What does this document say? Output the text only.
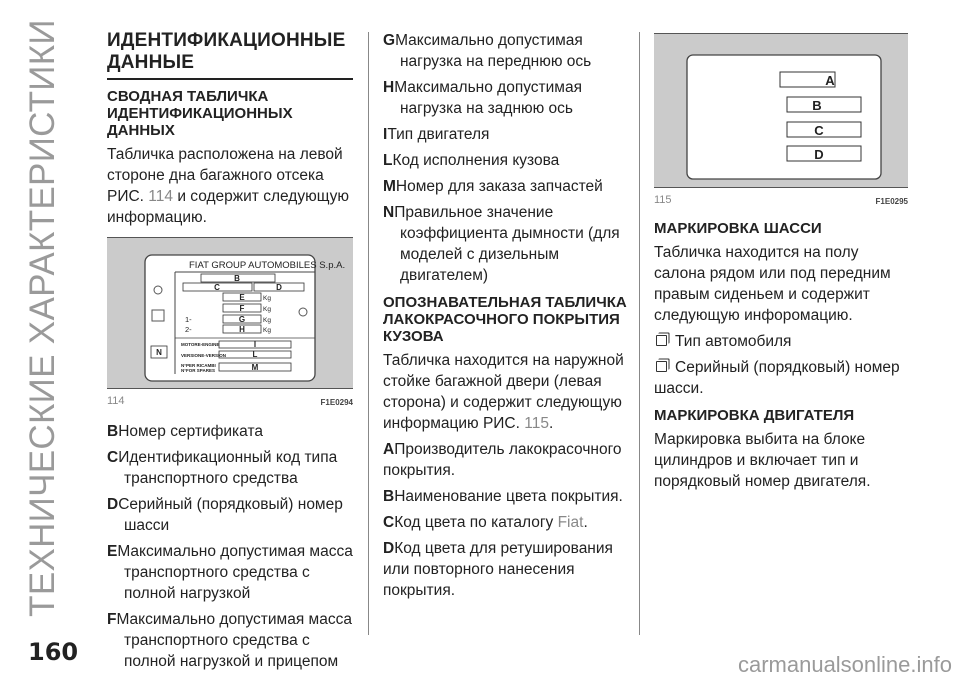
ТЕХНИЧЕСКИЕ ХАРАКТЕРИСТИКИ ИДЕНТИФИКАЦИОННЫЕ ДАННЫЕ
СВОДНАЯ ТАБЛИЧКА ИДЕНТИФИКАЦИОННЫХ ДАННЫХ

Табличка расположена на левой стороне дна багажного отсека РИС. 114 и содержит следующую информацию.

FIAT GROUP AUTOMOBILES S.p.A.
B
C	D
E	Kg
F	Kg
1-	G	Kg
2-	H	Kg
MOTORE-ENGINE	I
VERSIONE-VERSION	L
N
N°PER RICAMBI
N°FOR SPARES	M
114	F1E0294
BНомер сертификата
CИдентификационный код типа транспортного средства
DСерийный (порядковый) номер шасси
EМаксимально допустимая масса транспортного средства с полной нагрузкой
FМаксимально допустимая масса транспортного средства с полной нагрузкой и прицепом
GМаксимально допустимая нагрузка на переднюю ось
HМаксимально допустимая нагрузка на заднюю ось
IТип двигателя
LКод исполнения кузова
MНомер для заказа запчастей
NПравильное значение коэффициента дымности (для моделей с дизельным двигателем)
ОПОЗНАВАТЕЛЬНАЯ ТАБЛИЧКА ЛАКОКРАСОЧНОГО ПОКРЫТИЯ КУЗОВА

Табличка находится на наружной стойке багажной двери (левая сторона) и содержит следующую информацию РИС. 115.

AПроизводитель лакокрасочного покрытия.

BНаименование цвета покрытия.

CКод цвета по каталогу Fiat.

DКод цвета для ретуширования или повторного нанесения покрытия.

A
B
C
D
115	F1E0295
МАРКИРОВКА ШАССИ

Табличка находится на полу салона рядом или под передним правым сиденьем и содержит следующую инфоромацию.

Тип автомобиля

Серийный (порядковый) номер шасси.

МАРКИРОВКА ДВИГАТЕЛЯ

Маркировка выбита на блоке цилиндров и включает тип и порядковый номер двигателя.

160	carmanualsonline.info
